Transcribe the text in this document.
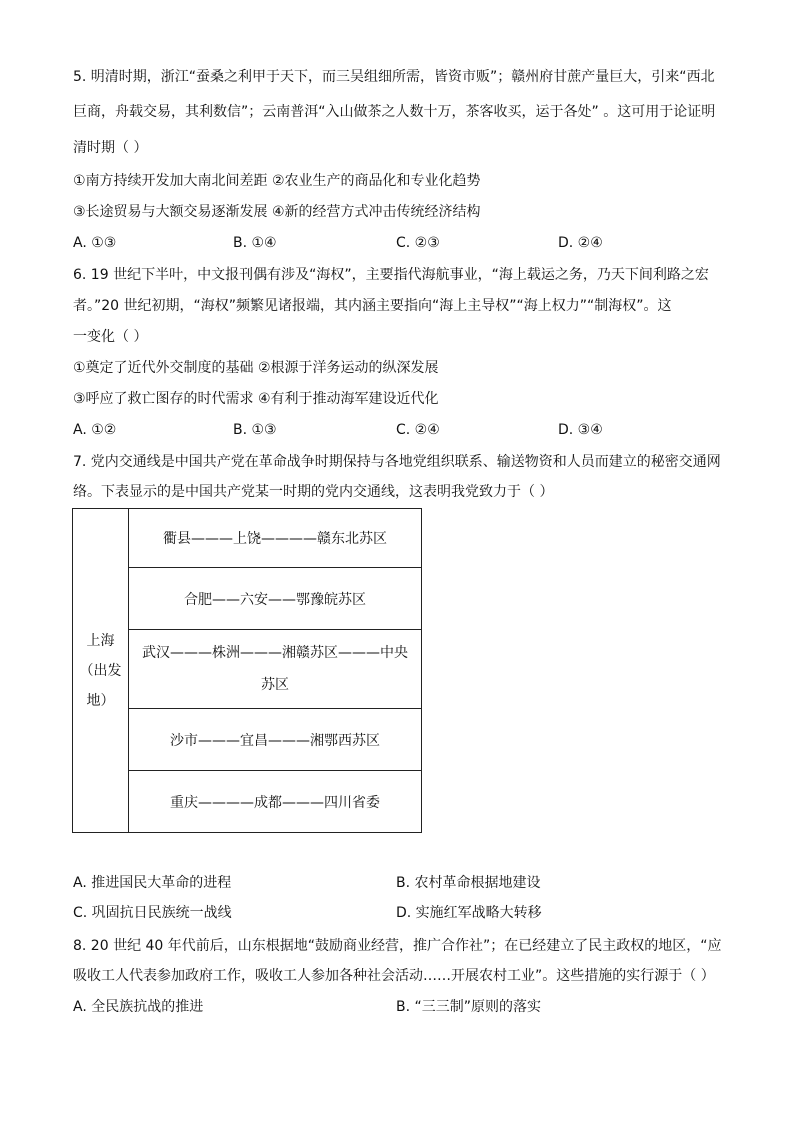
5. 明清时期，浙江“蚕桑之利甲于天下，而三吴组细所需，皆资市贩”；赣州府甘蔗产量巨大，引来“西北
巨商，舟载交易，其利数信”；云南普洱“入山做茶之人数十万，茶客收买，运于各处” 。这可用于论证明
清时期（ ）
①南方持续开发加大南北间差距 ②农业生产的商品化和专业化趋势
③长途贸易与大额交易逐渐发展 ④新的经营方式冲击传统经济结构
A. ①③	B. ①④	C. ②③	D. ②④
6. 19 世纪下半叶，中文报刊偶有涉及“海权”，主要指代海航事业，“海上载运之务，乃天下间利路之宏
者。”20 世纪初期，“海权”频繁见诸报端，其内涵主要指向“海上主导权”“海上权力”“制海权”。这
一变化（ ）
①奠定了近代外交制度的基础 ②根源于洋务运动的纵深发展
③呼应了救亡图存的时代需求 ④有利于推动海军建设近代化
A. ①②	B. ①③	C. ②④	D. ③④
7. 党内交通线是中国共产党在革命战争时期保持与各地党组织联系、输送物资和人员而建立的秘密交通网
络。下表显示的是中国共产党某一时期的党内交通线，这表明我党致力于（ ）
上海
（出发
地）
	衢县———上饶————赣东北苏区
合肥——六安——鄂豫皖苏区

武汉———株洲———湘赣苏区———中央
苏区

沙市———宜昌———湘鄂西苏区
重庆————成都———四川省委
A. 推进国民大革命的进程	B. 农村革命根据地建设
C. 巩固抗日民族统一战线	D. 实施红军战略大转移
8. 20 世纪 40 年代前后，山东根据地“鼓励商业经营，推广合作社”；在已经建立了民主政权的地区，“应
吸收工人代表参加政府工作，吸收工人参加各种社会活动……开展农村工业”。这些措施的实行源于（ ）
A. 全民族抗战的推进	B. “三三制”原则的落实
